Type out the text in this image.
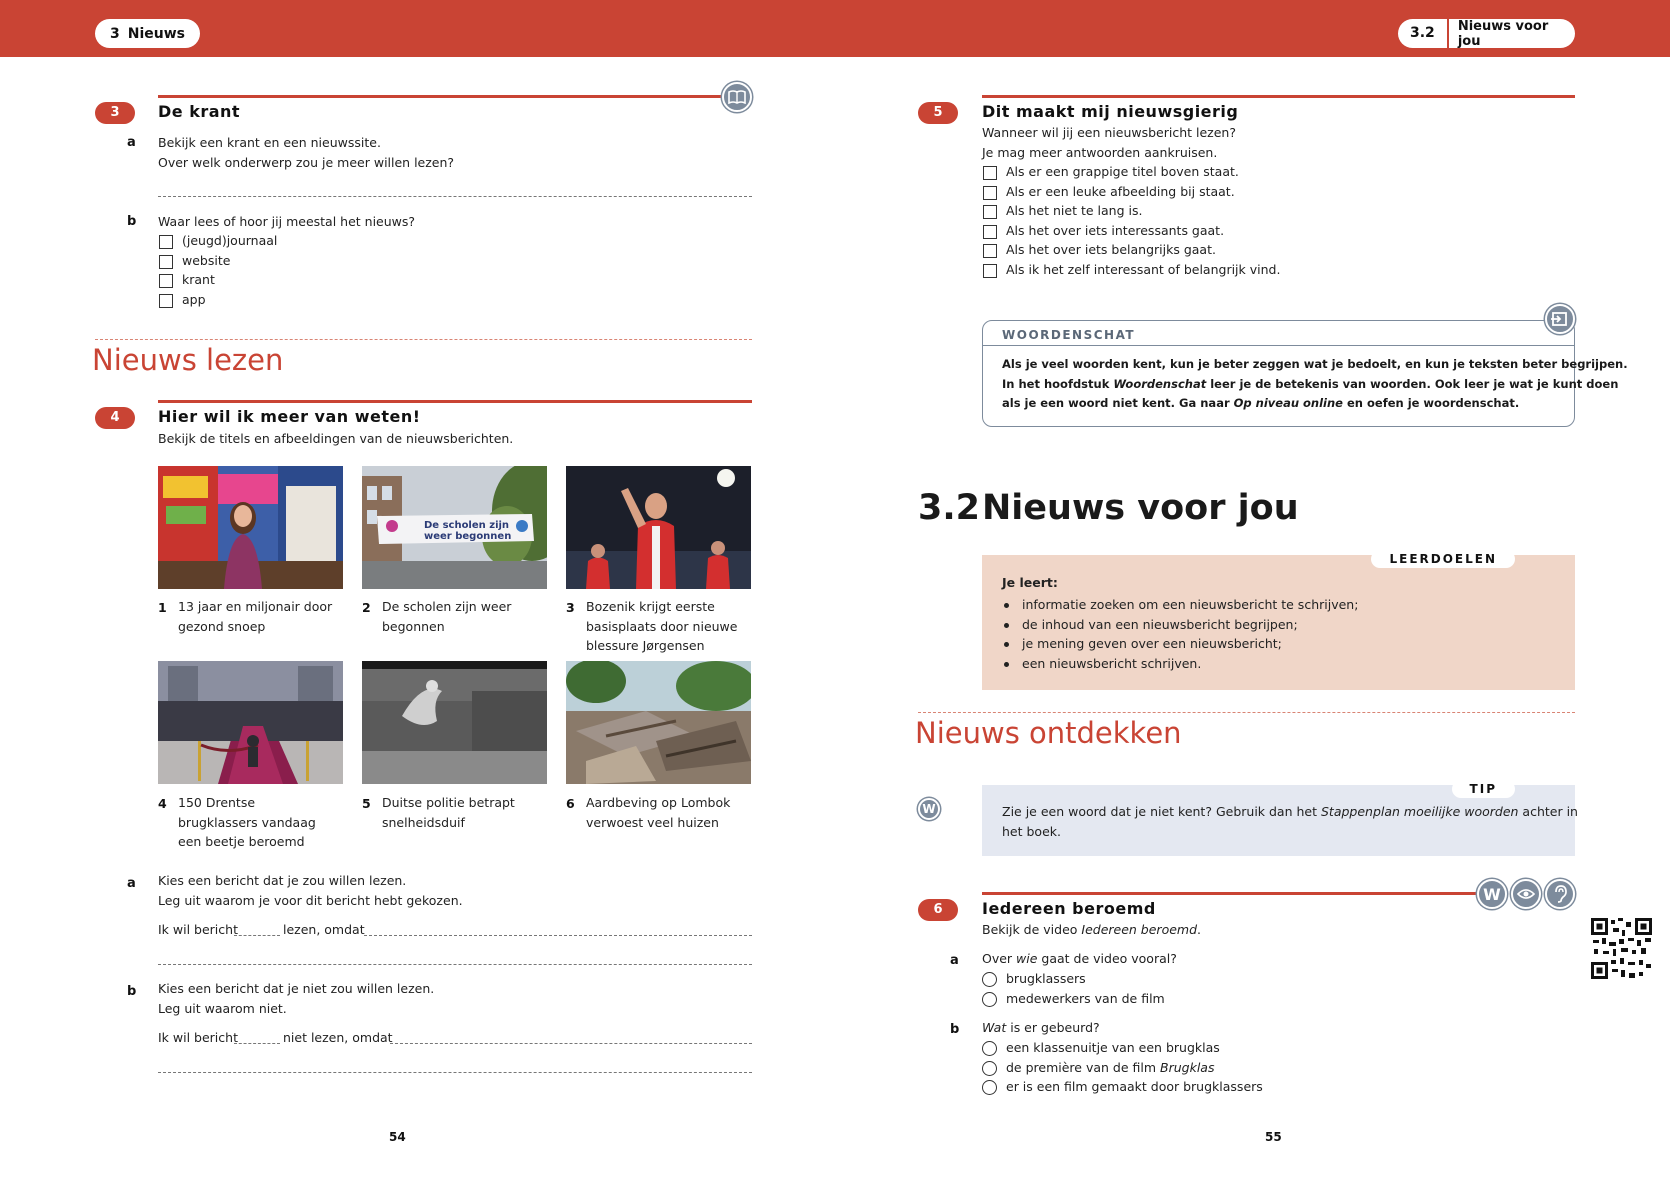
3 Nieuws	3.2	Nieuws voor jou
3	De krant
a Bekijk een krant en een nieuwssite.
Over welk onderwerp zou je meer willen lezen?
b Waar lees of hoor jij meestal het nieuws?
(jeugd)journaal
website
krant
app
Nieuws lezen
4	Hier wil ik meer van weten!
Bekijk de titels en afbeeldingen van de nieuwsberichten.
1 13 jaar en miljonair door gezond snoep
De scholen zijn
weer begonnen
2 De scholen zijn weer begonnen
3 Bozenik krijgt eerste basisplaats door nieuwe blessure Jørgensen
4 150 Drentse brugklassers vandaag een beetje beroemd
5 Duitse politie betrapt snelheidsduif
6 Aardbeving op Lombok verwoest veel huizen
a Kies een bericht dat je zou willen lezen.
Leg uit waarom je voor dit bericht hebt gekozen.
Ik wil bericht	lezen, omdat
b Kies een bericht dat je niet zou willen lezen.
Leg uit waarom niet.
Ik wil bericht	niet lezen, omdat
54
5	Dit maakt mij nieuwsgierig
Wanneer wil jij een nieuwsbericht lezen?
Je mag meer antwoorden aankruisen.
Als er een grappige titel boven staat.
Als er een leuke afbeelding bij staat.
Als het niet te lang is.
Als het over iets interessants gaat.
Als het over iets belangrijks gaat.
Als ik het zelf interessant of belangrijk vind.
WOORDENSCHAT
Als je veel woorden kent, kun je beter zeggen wat je bedoelt, en kun je teksten beter begrijpen.
In het hoofdstuk Woordenschat leer je de betekenis van woorden. Ook leer je wat je kunt doen
als je een woord niet kent. Ga naar Op niveau online en oefen je woordenschat.
3.2 Nieuws voor jou
LEERDOELEN
Je leert:
informatie zoeken om een nieuwsbericht te schrijven;
de inhoud van een nieuwsbericht begrijpen;
je mening geven over een nieuwsbericht;
een nieuwsbericht schrijven.
Nieuws ontdekken
W
TIP
Zie je een woord dat je niet kent? Gebruik dan het Stappenplan moeilijke woorden achter in
het boek.
6
W
Iedereen beroemd
Bekijk de video Iedereen beroemd.
a Over wie gaat de video vooral?
brugklassers
medewerkers van de film
b Wat is er gebeurd?
een klassenuitje van een brugklas
de première van de film Brugklas
er is een film gemaakt door brugklassers
55
